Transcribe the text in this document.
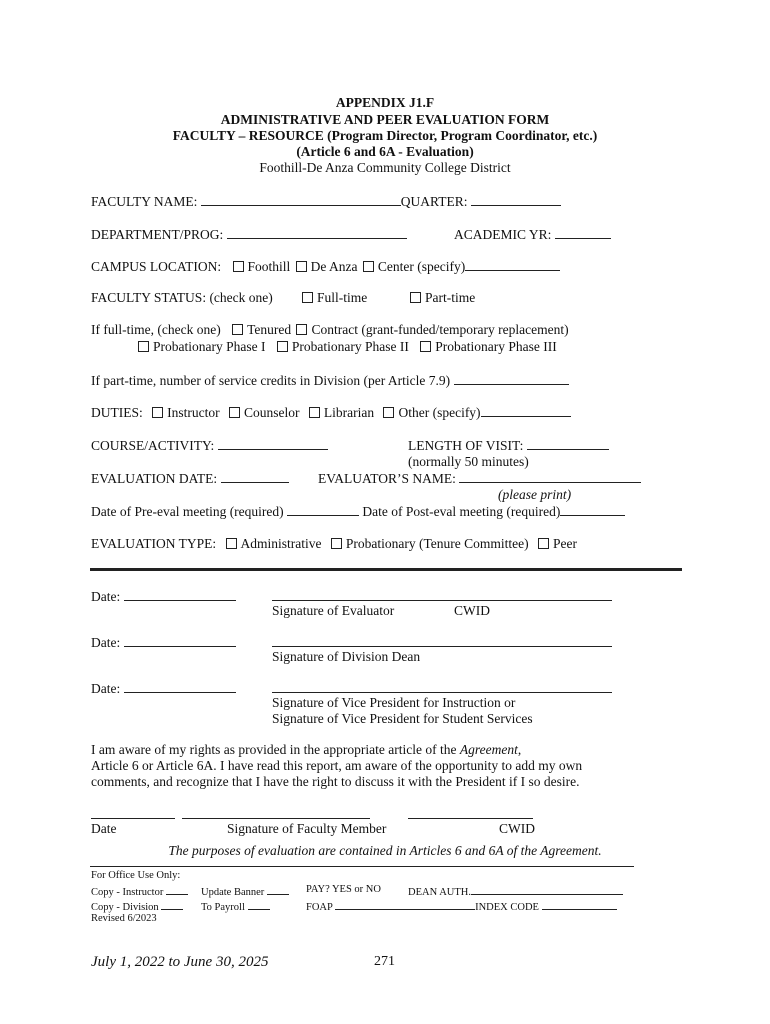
APPENDIX J1.F
ADMINISTRATIVE AND PEER EVALUATION FORM
FACULTY – RESOURCE (Program Director, Program Coordinator, etc.)
(Article 6 and 6A - Evaluation)
Foothill-De Anza Community College District
FACULTY NAME:	QUARTER:
DEPARTMENT/PROG:	ACADEMIC YR:
CAMPUS LOCATION: Foothill De Anza Center (specify)
FACULTY STATUS: (check one)	Full-time	Part-time
If full-time, (check one) Tenured Contract (grant-funded/temporary replacement)
Probationary Phase I Probationary Phase II Probationary Phase III
If part-time, number of service credits in Division (per Article 7.9)
DUTIES: Instructor Counselor Librarian Other (specify)
COURSE/ACTIVITY:	LENGTH OF VISIT:
(normally 50 minutes)
EVALUATION DATE:	EVALUATOR’S NAME:
(please print)
Date of Pre-eval meeting (required)	Date of Post-eval meeting (required)
EVALUATION TYPE: Administrative Probationary (Tenure Committee) Peer
Date:
Signature of Evaluator	CWID
Date:
Signature of Division Dean
Date:
Signature of Vice President for Instruction or
Signature of Vice President for Student Services
I am aware of my rights as provided in the appropriate article of the Agreement,
Article 6 or Article 6A. I have read this report, am aware of the opportunity to add my own
comments, and recognize that I have the right to discuss it with the President if I so desire.
Date	Signature of Faculty Member	CWID
The purposes of evaluation are contained in Articles 6 and 6A of the Agreement.
For Office Use Only:
Copy - Instructor	Update Banner	PAY? YES or NO	DEAN AUTH.
Copy - Division	To Payroll	FOAP	INDEX CODE
Revised 6/2023
July 1, 2022 to June 30, 2025	271
